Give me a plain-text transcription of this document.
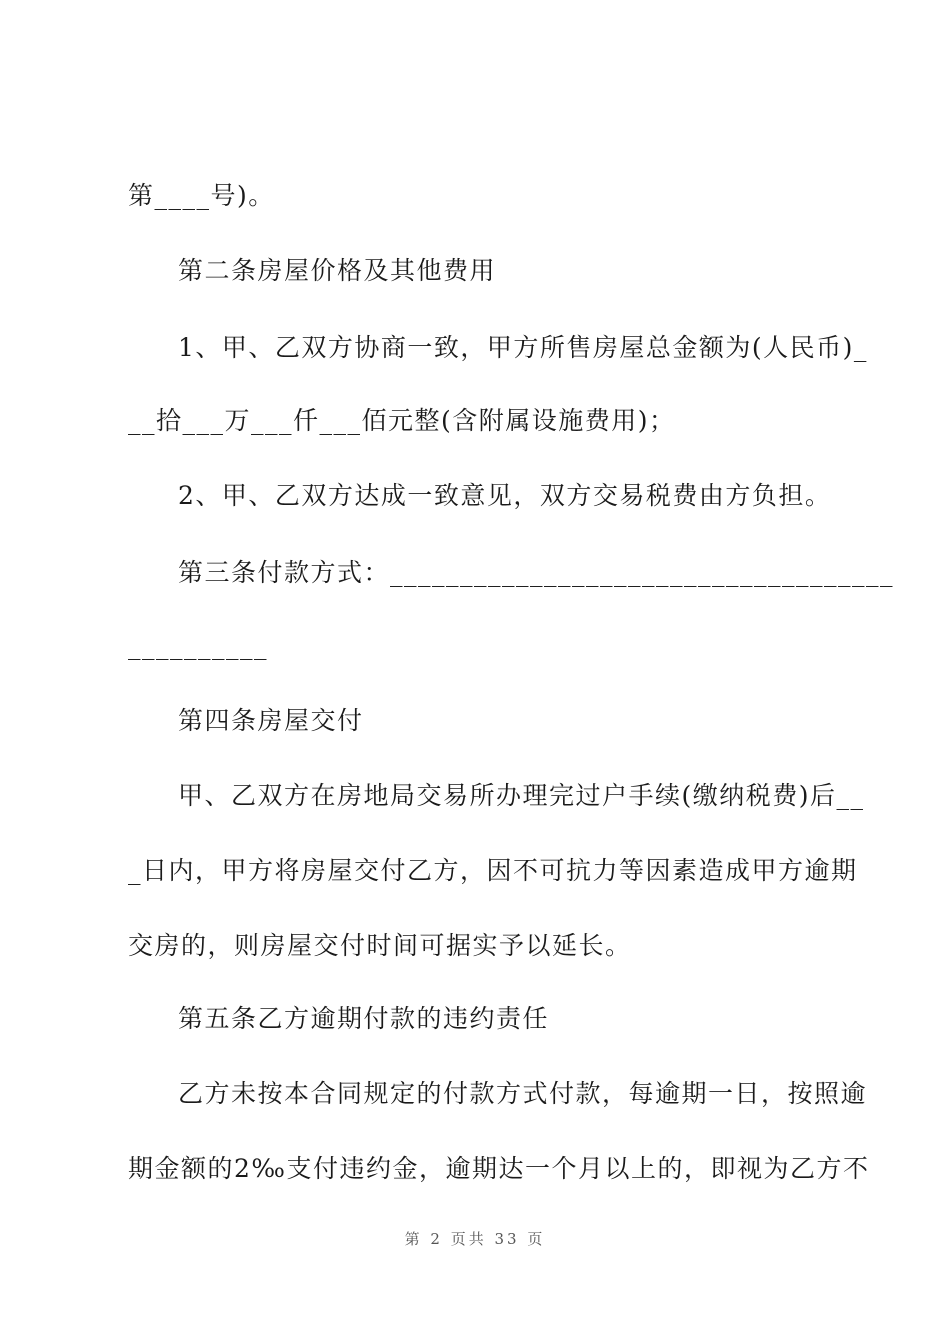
第____号)。
第二条房屋价格及其他费用
1、甲、乙双方协商一致，甲方所售房屋总金额为(人民币)_
__拾___万___仟___佰元整(含附属设施费用)；
2、甲、乙双方达成一致意见，双方交易税费由方负担。
第三条付款方式：____________________________________
__________
第四条房屋交付
甲、乙双方在房地局交易所办理完过户手续(缴纳税费)后__
_日内，甲方将房屋交付乙方，因不可抗力等因素造成甲方逾期
交房的，则房屋交付时间可据实予以延长。
第五条乙方逾期付款的违约责任
乙方未按本合同规定的付款方式付款，每逾期一日，按照逾
期金额的2‰支付违约金，逾期达一个月以上的，即视为乙方不
第 2 页共 33 页
